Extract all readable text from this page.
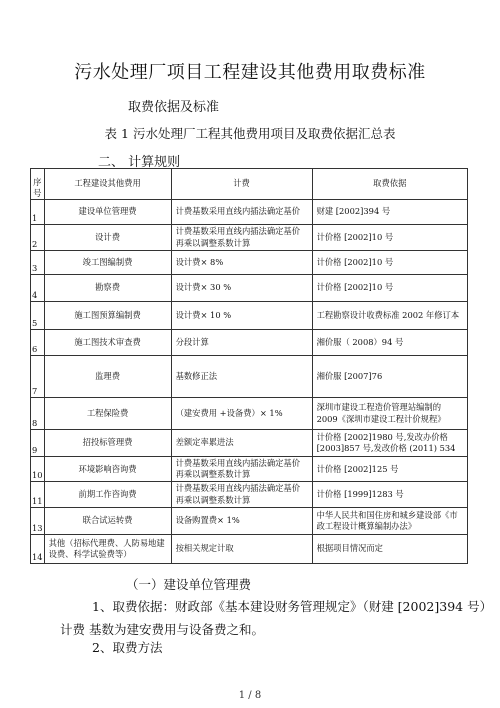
污水处理厂项目工程建设其他费用取费标准
取费依据及标准
表 1 污水处理厂工程其他费用项目及取费依据汇总表
二、 计算规则
序号	工程建设其他费用	计费	取费依据
1	建设单位管理费	计费基数采用直线内插法确定基价	财建 [2002]394 号
2	设计费	计费基数采用直线内插法确定基价再乘以调整系数计算	计价格 [2002]10 号
3	竣工图编制费	设计费× 8%	计价格 [2002]10 号
4	勘察费	设计费× 30 %	计价格 [2002]10 号
5	施工图预算编制费	设计费× 10 %	工程勘察设计收费标准 2002 年修订本
6	施工图技术审查费	分段计算	湘价服（ 2008）94 号
7	监理费	基数修正法	湘价服 [2007]76
8	工程保险费	（建安费用 +设备费）× 1%	深圳市建设工程造价管理站编制的 2009《深圳市建设工程计价规程》
9	招投标管理费	差额定率累进法	计价格 [2002]1980 号,发改办价格 [2003]857 号,发改价格 (2011) 534
10	环境影响咨询费	计费基数采用直线内插法确定基价再乘以调整系数计算	计价格 [2002]125 号
11	前期工作咨询费	计费基数采用直线内插法确定基价再乘以调整系数计算	计价格 [1999]1283 号
13	联合试运转费	设备购置费× 1%	中华人民共和国住房和城乡建设部《市政工程设计概算编制办法》
14	其他（招标代理费、人防易地建设费、科学试验费等）	按相关规定计取	根据项目情况而定
（一）建设单位管理费
1、取费依据：财政部《基本建设财务管理规定》（财建 [2002]394 号）
计费 基数为建安费用与设备费之和。
2、取费方法
1 / 8
